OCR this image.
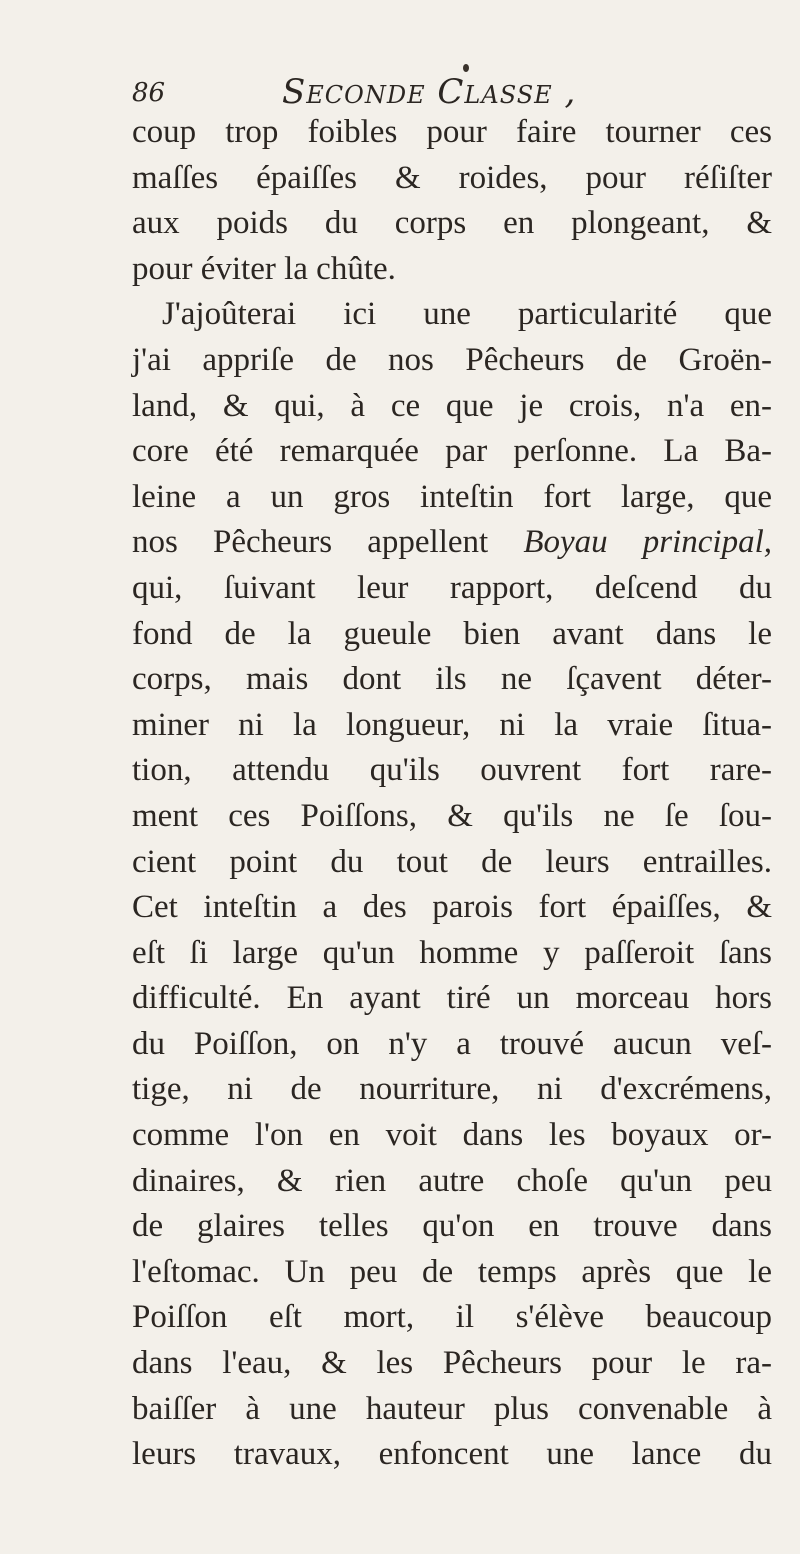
86	Seconde Classe ,
coup trop foibles pour faire tourner ces
maſſes épaiſſes & roides, pour réſiſter
aux poids du corps en plongeant, &
pour éviter la chûte.
J'ajoûterai ici une particularité que
j'ai appriſe de nos Pêcheurs de Groën-
land, & qui, à ce que je crois, n'a en-
core été remarquée par perſonne. La Ba-
leine a un gros inteſtin fort large, que
nos Pêcheurs appellent Boyau principal,
qui, ſuivant leur rapport, deſcend du
fond de la gueule bien avant dans le
corps, mais dont ils ne ſçavent déter-
miner ni la longueur, ni la vraie ſitua-
tion, attendu qu'ils ouvrent fort rare-
ment ces Poiſſons, & qu'ils ne ſe ſou-
cient point du tout de leurs entrailles.
Cet inteſtin a des parois fort épaiſſes, &
eſt ſi large qu'un homme y paſſeroit ſans
difficulté. En ayant tiré un morceau hors
du Poiſſon, on n'y a trouvé aucun veſ-
tige, ni de nourriture, ni d'excrémens,
comme l'on en voit dans les boyaux or-
dinaires, & rien autre choſe qu'un peu
de glaires telles qu'on en trouve dans
l'eſtomac. Un peu de temps après que le
Poiſſon eſt mort, il s'élève beaucoup
dans l'eau, & les Pêcheurs pour le ra-
baiſſer à une hauteur plus convenable à
leurs travaux, enfoncent une lance du
